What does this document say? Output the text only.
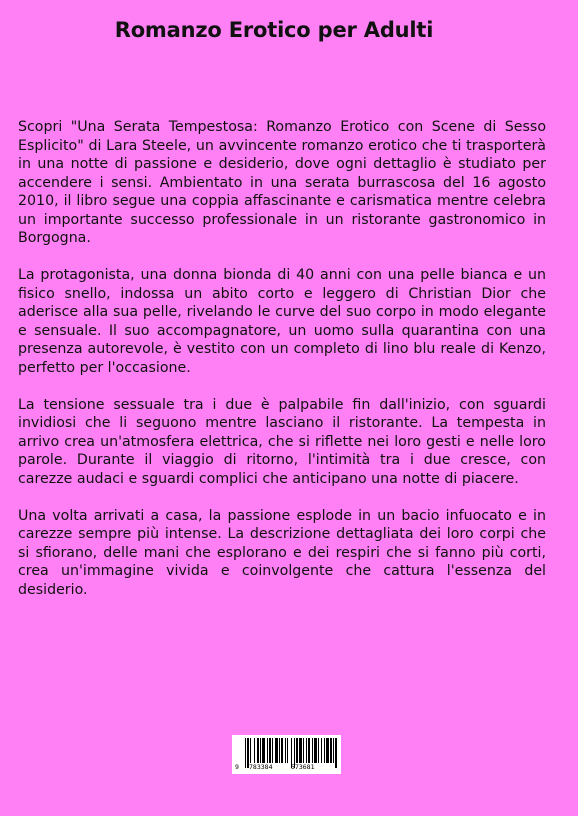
Romanzo Erotico per Adulti

Scopri "Una Serata Tempestosa: Romanzo Erotico con Scene di Sesso Esplicito" di Lara Steele, un avvincente romanzo erotico che ti trasporterà in una notte di passione e desiderio, dove ogni dettaglio è studiato per accendere i sensi. Ambientato in una serata burrascosa del 16 agosto 2010, il libro segue una coppia affascinante e carismatica mentre celebra un importante successo professionale in un ristorante gastronomico in Borgogna.

La protagonista, una donna bionda di 40 anni con una pelle bianca e un fisico snello, indossa un abito corto e leggero di Christian Dior che aderisce alla sua pelle, rivelando le curve del suo corpo in modo elegante e sensuale. Il suo accompagnatore, un uomo sulla quarantina con una presenza autorevole, è vestito con un completo di lino blu reale di Kenzo, perfetto per l'occasione.

La tensione sessuale tra i due è palpabile fin dall'inizio, con sguardi invidiosi che li seguono mentre lasciano il ristorante. La tempesta in arrivo crea un'atmosfera elettrica, che si riflette nei loro gesti e nelle loro parole. Durante il viaggio di ritorno, l'intimità tra i due cresce, con carezze audaci e sguardi complici che anticipano una notte di piacere.

Una volta arrivati a casa, la passione esplode in un bacio infuocato e in carezze sempre più intense. La descrizione dettagliata dei loro corpi che si sfiorano, delle mani che esplorano e dei respiri che si fanno più corti, crea un'immagine vivida e coinvolgente che cattura l'essenza del desiderio.

9 783384	573681
